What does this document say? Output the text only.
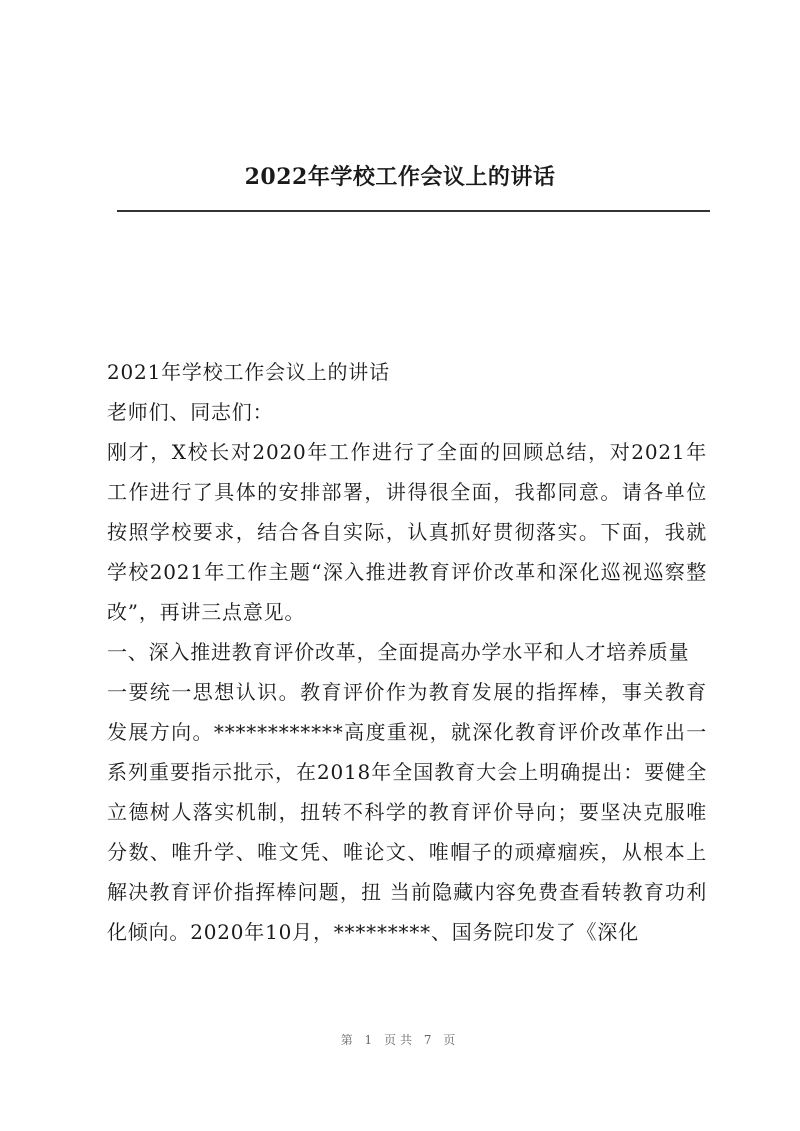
2022年学校工作会议上的讲话

2021年学校工作会议上的讲话

老师们、同志们：

刚才，X校长对2020年工作进行了全面的回顾总结，对2021年工作进行了具体的安排部署，讲得很全面，我都同意。请各单位按照学校要求，结合各自实际，认真抓好贯彻落实。下面，我就学校2021年工作主题“深入推进教育评价改革和深化巡视巡察整改”，再讲三点意见。

一、深入推进教育评价改革，全面提高办学水平和人才培养质量

一要统一思想认识。教育评价作为教育发展的指挥棒，事关教育发展方向。************高度重视，就深化教育评价改革作出一系列重要指示批示，在2018年全国教育大会上明确提出：要健全立德树人落实机制，扭转不科学的教育评价导向；要坚决克服唯分数、唯升学、唯文凭、唯论文、唯帽子的顽瘴痼疾，从根本上解决教育评价指挥棒问题，扭 当前隐藏内容免费查看转教育功利化倾向。2020年10月，*********、国务院印发了《深化

第 1 页共 7 页
